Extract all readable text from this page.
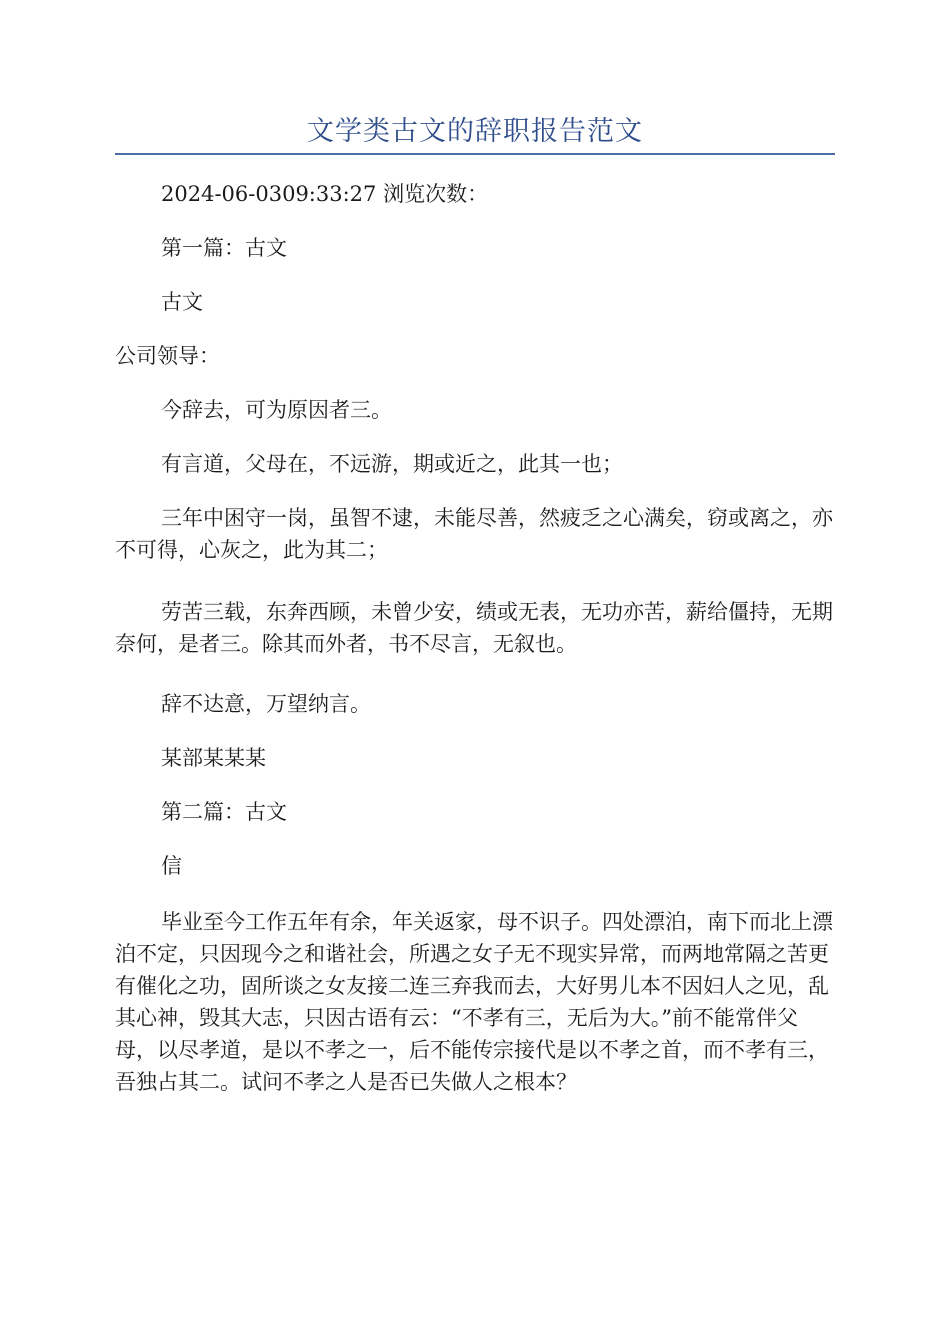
文学类古文的辞职报告范文

2024-06-0309:33:27 浏览次数：

第一篇：古文

古文

公司领导：

今辞去，可为原因者三。

有言道，父母在，不远游，期或近之，此其一也；

三年中困守一岗，虽智不逮，未能尽善，然疲乏之心满矣，窃或离之，亦不可得，心灰之，此为其二；

劳苦三载，东奔西顾，未曾少安，绩或无表，无功亦苦，薪给僵持，无期奈何，是者三。除其而外者，书不尽言，无叙也。

辞不达意，万望纳言。

某部某某某

第二篇：古文

信

毕业至今工作五年有余，年关返家，母不识子。四处漂泊，南下而北上漂泊不定，只因现今之和谐社会，所遇之女子无不现实异常，而两地常隔之苦更有催化之功，固所谈之女友接二连三弃我而去，大好男儿本不因妇人之见，乱其心神，毁其大志，只因古语有云：“不孝有三，无后为大。”前不能常伴父母，以尽孝道，是以不孝之一，后不能传宗接代是以不孝之首，而不孝有三，吾独占其二。试问不孝之人是否已失做人之根本？
